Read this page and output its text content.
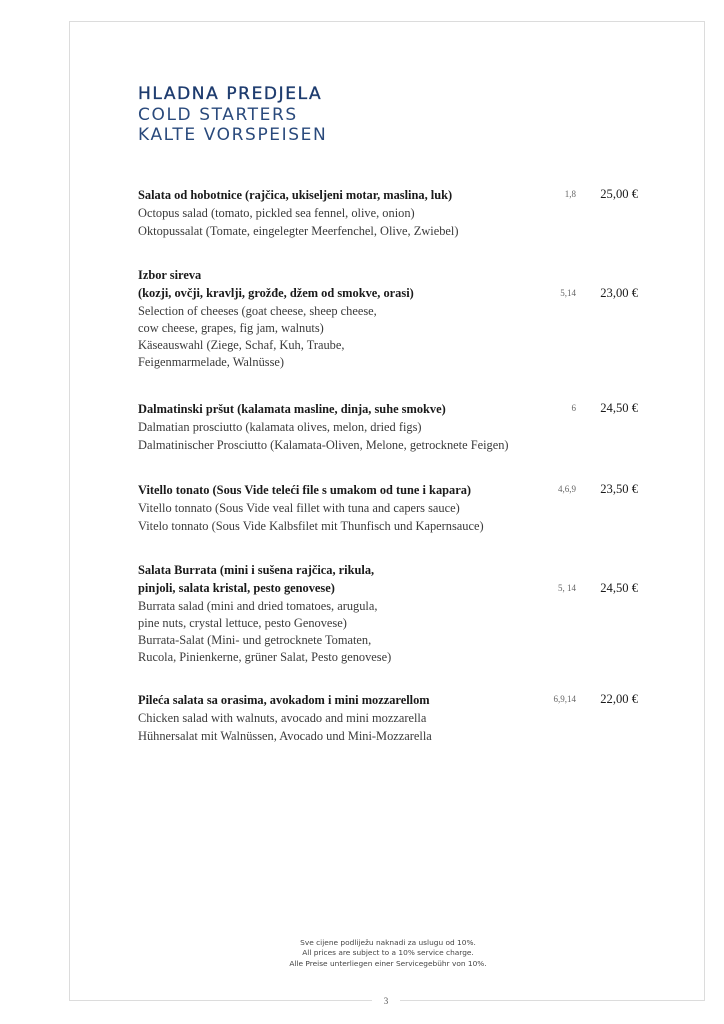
HLADNA PREDJELA
COLD STARTERS
KALTE VORSPEISEN
Salata od hobotnice (rajčica, ukiseljeni motar, maslina, luk)
Octopus salad (tomato, pickled sea fennel, olive, onion)
Oktopussalat (Tomate, eingelegter Meerfenchel, Olive, Zwiebel)
1,8 25,00 €
Izbor sireva
(kozji, ovčji, kravlji, grožđe, džem od smokve, orasi)
Selection of cheeses (goat cheese, sheep cheese,
cow cheese, grapes, fig jam, walnuts)
Käseauswahl (Ziege, Schaf, Kuh, Traube,
Feigenmarmelade, Walnüsse)
5,14 23,00 €
Dalmatinski pršut (kalamata masline, dinja, suhe smokve)
Dalmatian prosciutto (kalamata olives, melon, dried figs)
Dalmatinischer Prosciutto (Kalamata-Oliven, Melone, getrocknete Feigen)
6 24,50 €
Vitello tonato (Sous Vide teleći file s umakom od tune i kapara)
Vitello tonnato (Sous Vide veal fillet with tuna and capers sauce)
Vitelo tonnato (Sous Vide Kalbsfilet mit Thunfisch und Kapernsauce)
4,6,9 23,50 €
Salata Burrata (mini i sušena rajčica, rikula,
pinjoli, salata kristal, pesto genovese)
Burrata salad (mini and dried tomatoes, arugula,
pine nuts, crystal lettuce, pesto Genovese)
Burrata-Salat (Mini- und getrocknete Tomaten,
Rucola, Pinienkerne, grüner Salat, Pesto genovese)
5, 14 24,50 €
Pileća salata sa orasima, avokadom i mini mozzarellom
Chicken salad with walnuts, avocado and mini mozzarella
Hühnersalat mit Walnüssen, Avocado und Mini-Mozzarella
6,9,14 22,00 €
Sve cijene podliježu naknadi za uslugu od 10%.
All prices are subject to a 10% service charge.
Alle Preise unterliegen einer Servicegebühr von 10%.
3
